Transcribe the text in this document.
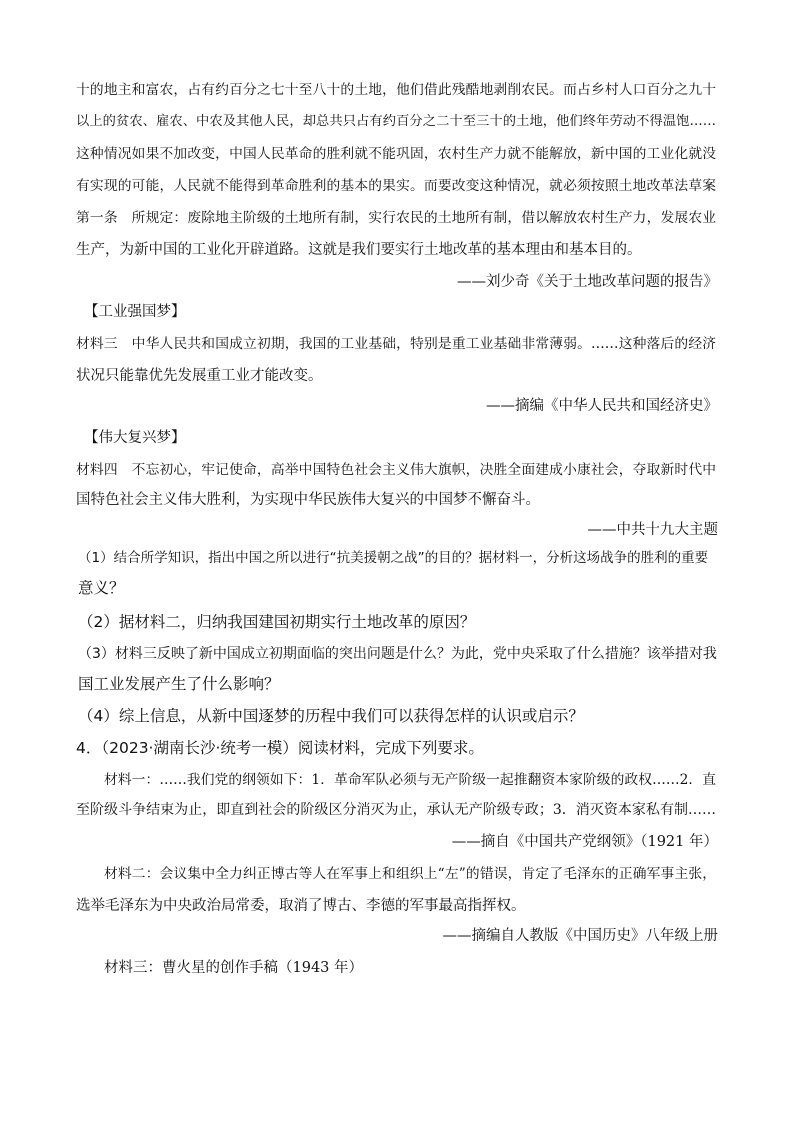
十的地主和富农，占有约百分之七十至八十的土地，他们借此残酷地剥削农民。而占乡村人口百分之九十
以上的贫农、雇农、中农及其他人民，却总共只占有约百分之二十至三十的土地，他们终年劳动不得温饱……
这种情况如果不加改变，中国人民革命的胜利就不能巩固，农村生产力就不能解放，新中国的工业化就没
有实现的可能，人民就不能得到革命胜利的基本的果实。而要改变这种情况，就必须按照土地改革法草案
第一条　所规定：废除地主阶级的土地所有制，实行农民的土地所有制，借以解放农村生产力，发展农业
生产，为新中国的工业化开辟道路。这就是我们要实行土地改革的基本理由和基本目的。
——刘少奇《关于土地改革问题的报告》
【工业强国梦】
材料三　中华人民共和国成立初期，我国的工业基础，特别是重工业基础非常薄弱。……这种落后的经济
状况只能靠优先发展重工业才能改变。
——摘编《中华人民共和国经济史》
【伟大复兴梦】
材料四　不忘初心，牢记使命，高举中国特色社会主义伟大旗帜，决胜全面建成小康社会，夺取新时代中
国特色社会主义伟大胜利，为实现中华民族伟大复兴的中国梦不懈奋斗。
——中共十九大主题
（1）结合所学知识，指出中国之所以进行“抗美援朝之战”的目的？据材料一，分析这场战争的胜利的重要
意义？
（2）据材料二，归纳我国建国初期实行土地改革的原因？
（3）材料三反映了新中国成立初期面临的突出问题是什么？为此，党中央采取了什么措施？该举措对我
国工业发展产生了什么影响？
（4）综上信息，从新中国逐梦的历程中我们可以获得怎样的认识或启示？
4．（2023·湖南长沙·统考一模）阅读材料，完成下列要求。
材料一：……我们党的纲领如下：1．革命军队必须与无产阶级一起推翻资本家阶级的政权……2．直
至阶级斗争结束为止，即直到社会的阶级区分消灭为止，承认无产阶级专政；3．消灭资本家私有制……
——摘自《中国共产党纲领》（1921 年）
材料二：会议集中全力纠正博古等人在军事上和组织上“左”的错误，肯定了毛泽东的正确军事主张，
选举毛泽东为中央政治局常委，取消了博古、李德的军事最高指挥权。
——摘编自人教版《中国历史》八年级上册
材料三：曹火星的创作手稿（1943 年）
